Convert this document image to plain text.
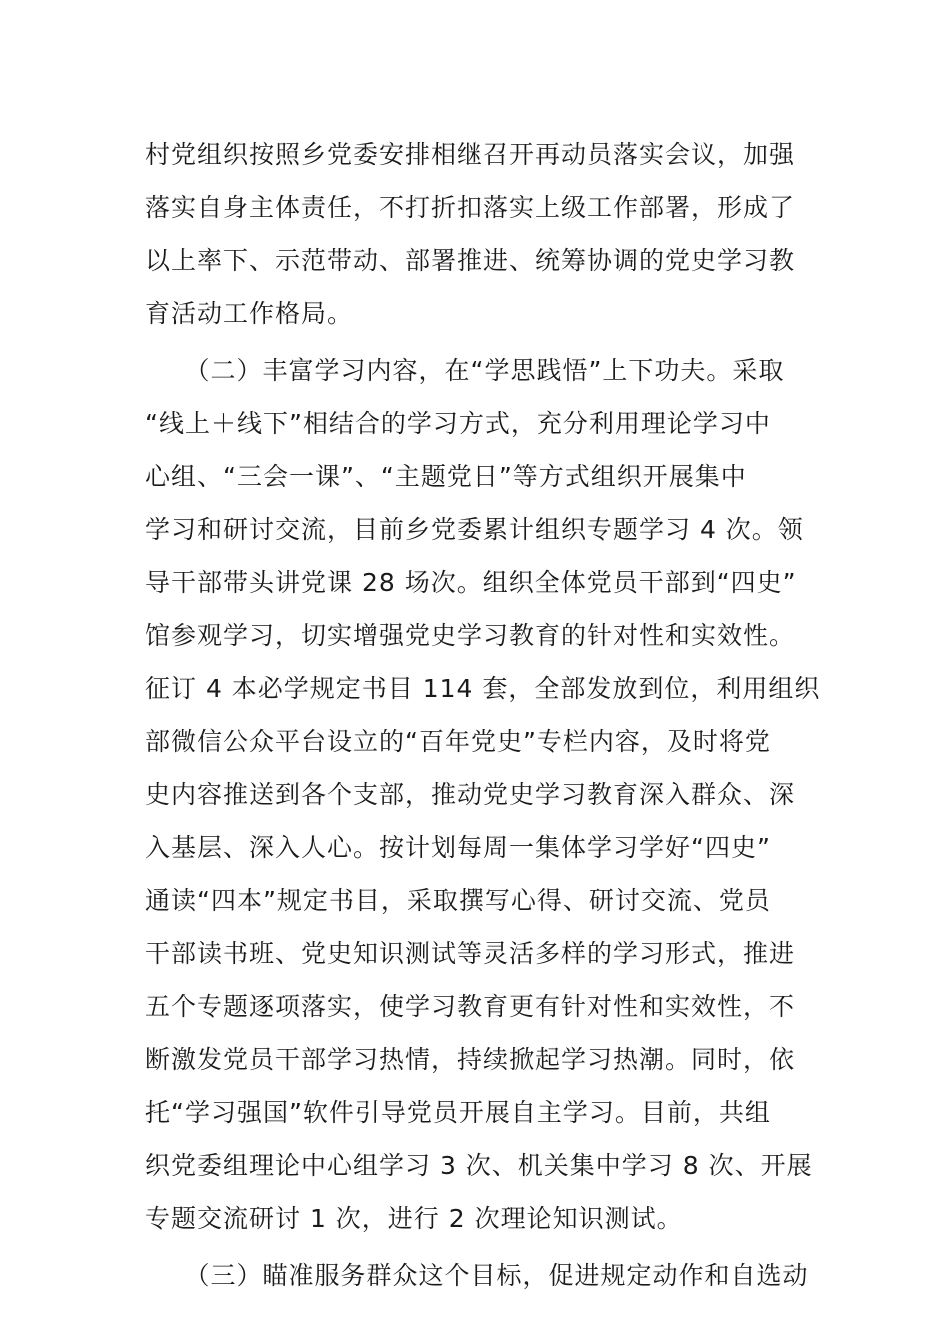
村党组织按照乡党委安排相继召开再动员落实会议，加强
落实自身主体责任，不打折扣落实上级工作部署，形成了
以上率下、示范带动、部署推进、统筹协调的党史学习教
育活动工作格局。
　　（二）丰富学习内容，在“学思践悟”上下功夫。采取
“线上＋线下”相结合的学习方式，充分利用理论学习中
心组、“三会一课”、“主题党日”等方式组织开展集中
学习和研讨交流，目前乡党委累计组织专题学习 4 次。领
导干部带头讲党课 28 场次。组织全体党员干部到“四史”
馆参观学习，切实增强党史学习教育的针对性和实效性。
征订 4 本必学规定书目 114 套，全部发放到位，利用组织
部微信公众平台设立的“百年党史”专栏内容，及时将党
史内容推送到各个支部，推动党史学习教育深入群众、深
入基层、深入人心。按计划每周一集体学习学好“四史”
通读“四本”规定书目，采取撰写心得、研讨交流、党员
干部读书班、党史知识测试等灵活多样的学习形式，推进
五个专题逐项落实，使学习教育更有针对性和实效性，不
断激发党员干部学习热情，持续掀起学习热潮。同时，依
托“学习强国”软件引导党员开展自主学习。目前，共组
织党委组理论中心组学习 3 次、机关集中学习 8 次、开展
专题交流研讨 1 次，进行 2 次理论知识测试。
　　（三）瞄准服务群众这个目标，促进规定动作和自选动
